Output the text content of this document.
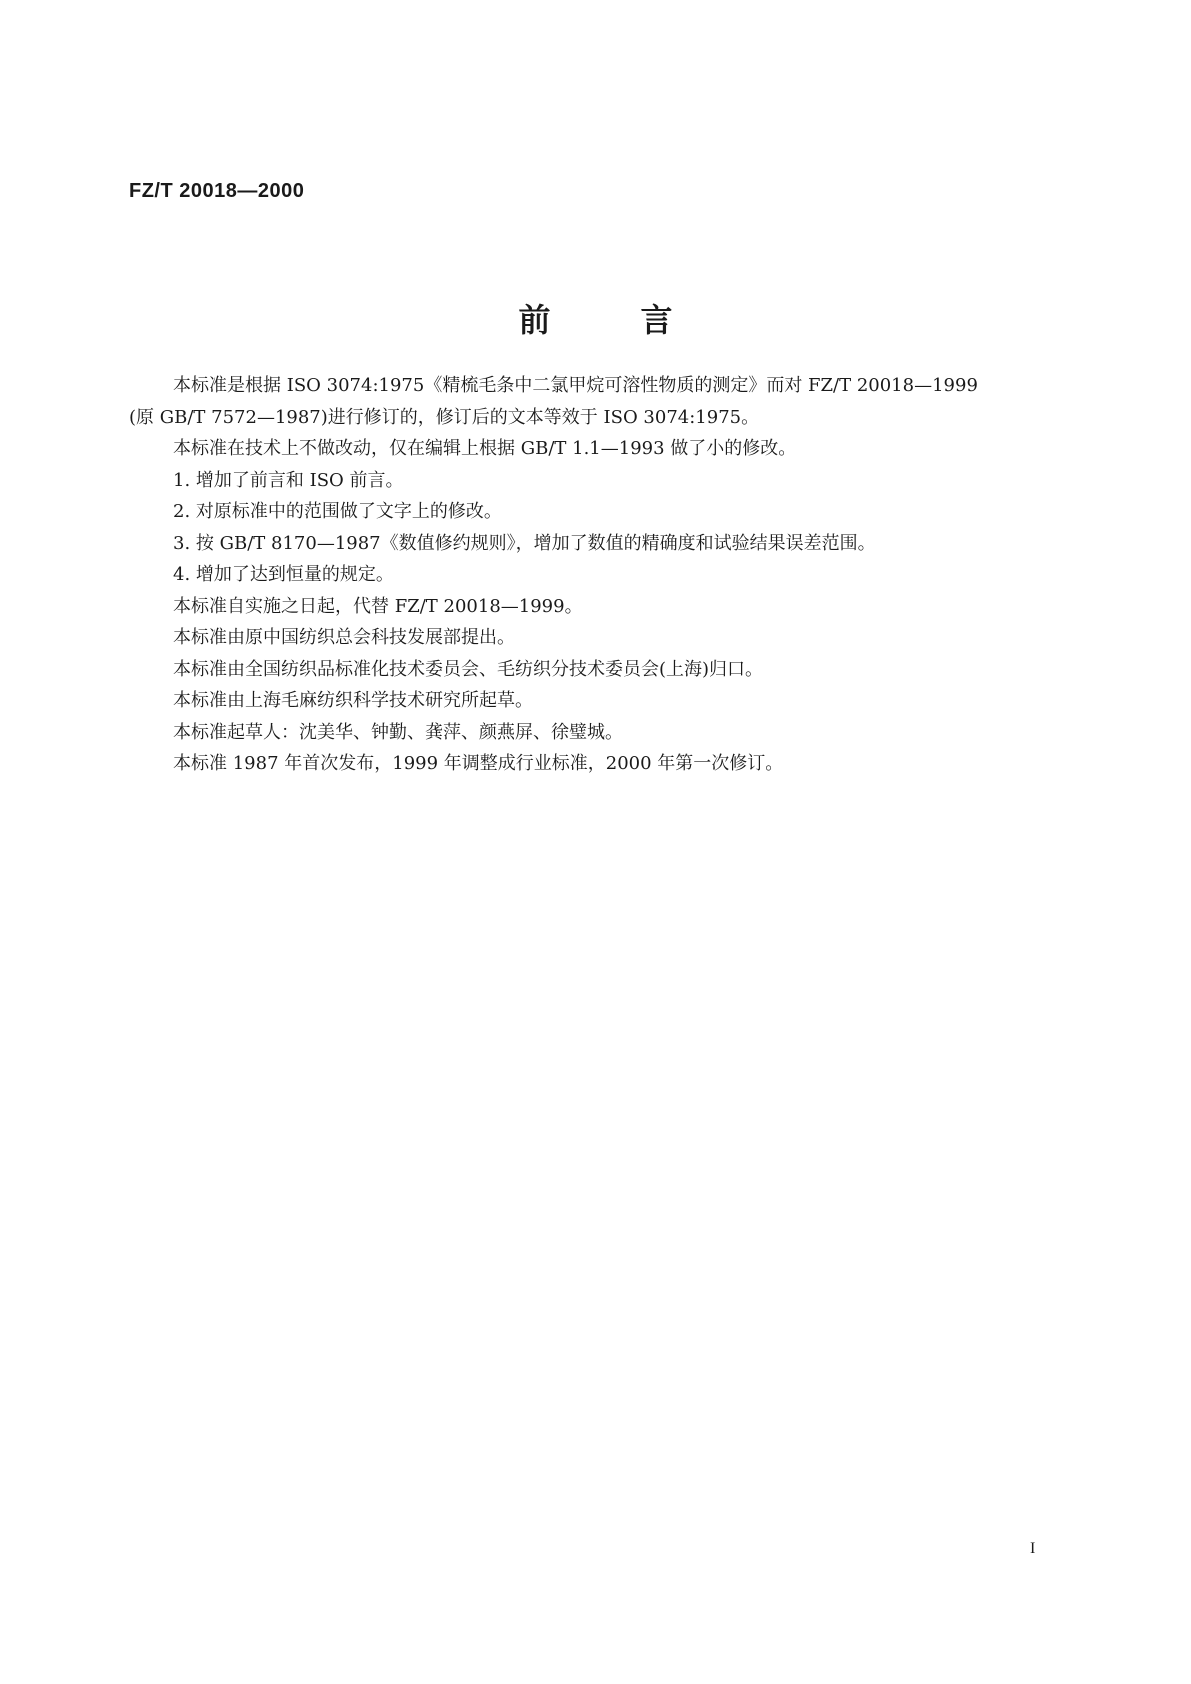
FZ/T 20018—2000
前言

本标准是根据 ISO 3074:1975《精梳毛条中二氯甲烷可溶性物质的测定》而对 FZ/T 20018—1999
(原 GB/T 7572—1987)进行修订的，修订后的文本等效于 ISO 3074:1975。

本标准在技术上不做改动，仅在编辑上根据 GB/T 1.1—1993 做了小的修改。

1. 增加了前言和 ISO 前言。

2. 对原标准中的范围做了文字上的修改。

3. 按 GB/T 8170—1987《数值修约规则》，增加了数值的精确度和试验结果误差范围。

4. 增加了达到恒量的规定。

本标准自实施之日起，代替 FZ/T 20018—1999。

本标准由原中国纺织总会科技发展部提出。

本标准由全国纺织品标准化技术委员会、毛纺织分技术委员会(上海)归口。

本标准由上海毛麻纺织科学技术研究所起草。

本标准起草人：沈美华、钟勤、龚萍、颜燕屏、徐璧城。

本标准 1987 年首次发布，1999 年调整成行业标准，2000 年第一次修订。

I
